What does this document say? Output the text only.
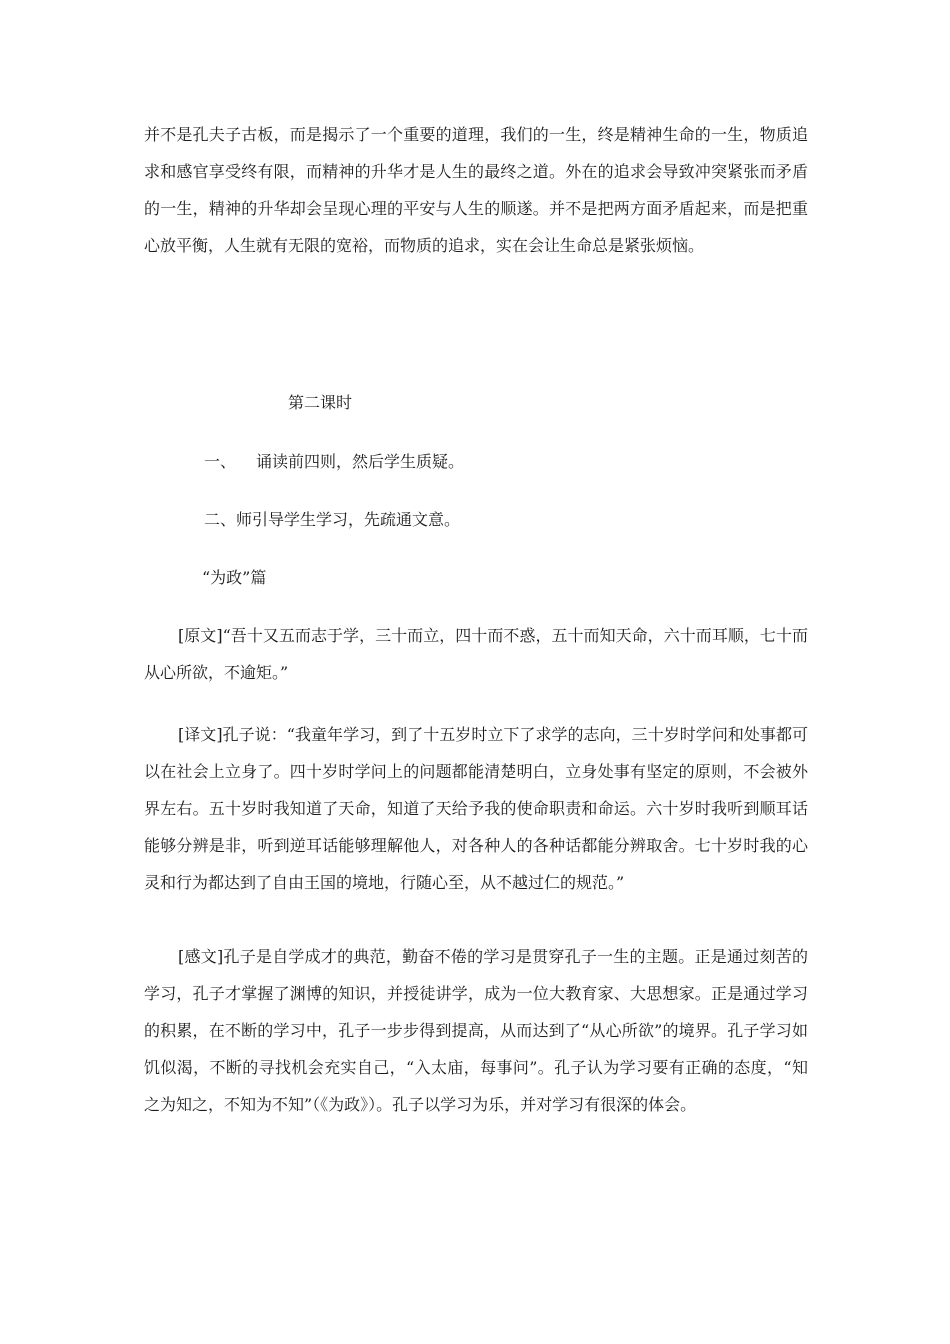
并不是孔夫子古板，而是揭示了一个重要的道理，我们的一生，终是精神生命的一生，物质追求和感官享受终有限，而精神的升华才是人生的最终之道。外在的追求会导致冲突紧张而矛盾的一生，精神的升华却会呈现心理的平安与人生的顺遂。并不是把两方面矛盾起来，而是把重心放平衡，人生就有无限的宽裕，而物质的追求，实在会让生命总是紧张烦恼。

第二课时

一、 诵读前四则，然后学生质疑。

二、师引导学生学习，先疏通文意。

“为政”篇

[原文]“吾十又五而志于学，三十而立，四十而不惑，五十而知天命，六十而耳顺，七十而从心所欲，不逾矩。”

[译文]孔子说：“我童年学习，到了十五岁时立下了求学的志向，三十岁时学问和处事都可以在社会上立身了。四十岁时学问上的问题都能清楚明白，立身处事有坚定的原则，不会被外界左右。五十岁时我知道了天命，知道了天给予我的使命职责和命运。六十岁时我听到顺耳话能够分辨是非，听到逆耳话能够理解他人，对各种人的各种话都能分辨取舍。七十岁时我的心灵和行为都达到了自由王国的境地，行随心至，从不越过仁的规范。”

[感文]孔子是自学成才的典范，勤奋不倦的学习是贯穿孔子一生的主题。正是通过刻苦的学习，孔子才掌握了渊博的知识，并授徒讲学，成为一位大教育家、大思想家。正是通过学习的积累，在不断的学习中，孔子一步步得到提高，从而达到了“从心所欲”的境界。孔子学习如饥似渴，不断的寻找机会充实自己，“入太庙，每事问”。孔子认为学习要有正确的态度，“知之为知之，不知为不知”（《为政》）。孔子以学习为乐，并对学习有很深的体会。
